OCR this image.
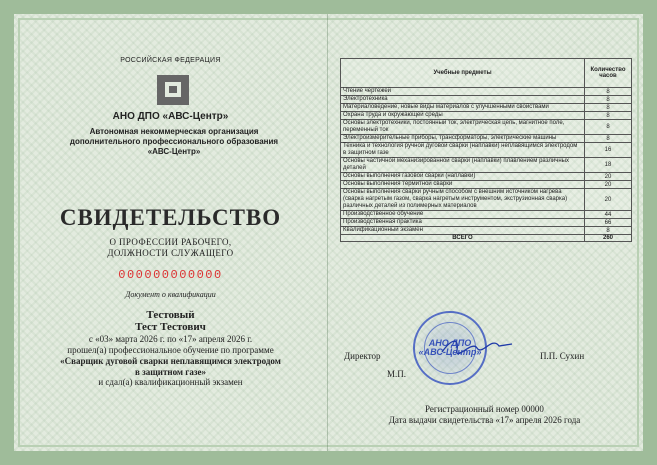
РОССИЙСКАЯ ФЕДЕРАЦИЯ
АНО ДПО «АВС-Центр»
Автономная некоммерческая организация
дополнительного профессионального образования
«АВС-Центр»
СВИДЕТЕЛЬСТВО
О ПРОФЕССИИ РАБОЧЕГО,
ДОЛЖНОСТИ СЛУЖАЩЕГО
000000000000
Документ о квалификации
Тестовый
Тест Тестович
с «03» марта 2026 г. по «17» апреля 2026 г.
прошел(а) профессиональное обучение по программе
«Сварщик дуговой сварки неплавящимся электродом
в защитном газе»
и сдал(а) квалификационный экзамен
Учебные предметы	Количество часов
Чтение чертежей	8
Электротехника	8
Материаловедение, новые виды материалов с улучшенными свойствами	8
Охрана труда и окружающей среды	8
Основы электротехники, постоянный ток, электрическая цепь, магнитное поле, переменный ток	8
Электроизмерительные приборы, трансформаторы, электрические машины	8
Техника и технология ручной дуговой сварки (наплавки) неплавящимся электродом в защитном газе	16
Основы частичной механизированной сварки (наплавки) плавлением различных деталей	18
Основы выполнения газовой сварки (наплавки)	20
Основы выполнения термитной сварки	20
Основы выполнения сварки ручным способом с внешним источником нагрева (сварка нагретым газом, сварка нагретым инструментом, экструзионная сварка) различных деталей из полимерных материалов	20
Производственное обучение	44
Производственная практика	66
Квалификационный экзамен	8
ВСЕГО	260
АНО ДПО
«АВС-Центр»
Директор	П.П. Сухин
М.П.
Регистрационный номер 00000
Дата выдачи свидетельства «17» апреля 2026 года
